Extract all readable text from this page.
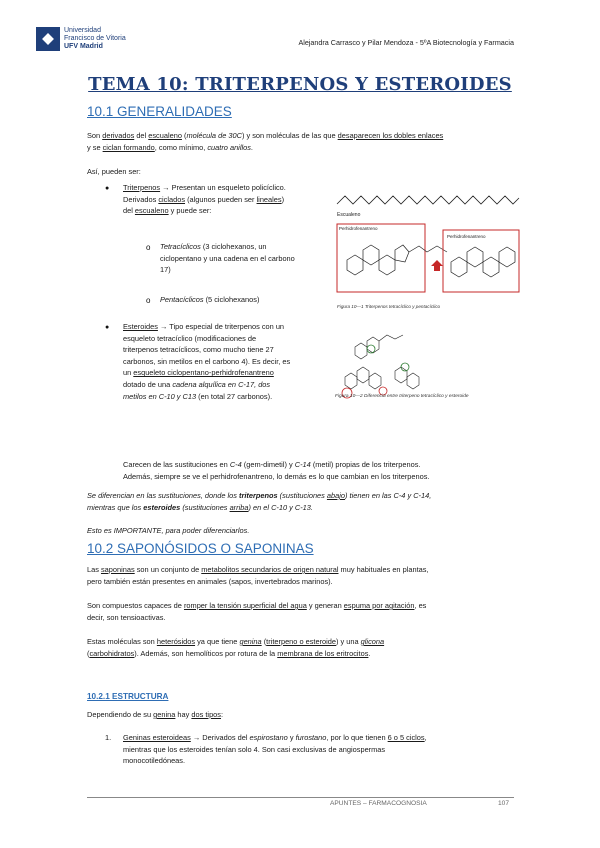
Universidad
Francisco de Vitoria
UFV Madrid	Alejandra Carrasco y Pilar Mendoza - 5ºA Biotecnología y Farmacia
TEMA 10: TRITERPENOS Y ESTEROIDES
10.1 GENERALIDADES
Son derivados del escualeno (molécula de 30C) y son moléculas de las que desaparecen los dobles enlaces
y se ciclan formando, como mínimo, cuatro anillos.
Así, pueden ser:
● Triterpenos → Presentan un esqueleto policíclico.
Derivados ciclados (algunos pueden ser lineales)
del escualeno y puede ser:
o Tetracíclicos (3 ciclohexanos, un
ciclopentano y una cadena en el carbono
17)
o Pentacíclicos (5 ciclohexanos)
● Esteroides → Tipo especial de triterpenos con un
esqueleto tetracíclico (modificaciones de
triterpenos tetracíclicos, como mucho tiene 27
carbonos, sin metilos en el carbono 4). Es decir, es
un esqueleto ciclopentano-perhidrofenantreno
dotado de una cadena alquílica en C-17, dos
metilos en C-10 y C13 (en total 27 carbonos).
Escualeno
Perhidrofenantreno
Perhidrofenantreno
Figura 10—1 Triterpenos tetracíclico y pentacíclico
Figura 10—2 Diferencia entre triterpeno tetracíclico y esteroide
Carecen de las sustituciones en C-4 (gem-dimetil) y C-14 (metil) propias de los triterpenos.
Además, siempre se ve el perhidrofenantreno, lo demás es lo que cambian en los triterpenos.
Se diferencian en las sustituciones, donde los triterpenos (sustituciones abajo) tienen en las C-4 y C-14,
mientras que los esteroides (sustituciones arriba) en el C-10 y C-13.
Esto es IMPORTANTE, para poder diferenciarlos.
10.2 SAPONÓSIDOS O SAPONINAS
Las saponinas son un conjunto de metabolitos secundarios de origen natural muy habituales en plantas,
pero también están presentes en animales (sapos, invertebrados marinos).
Son compuestos capaces de romper la tensión superficial del agua y generan espuma por agitación, es
decir, son tensioactivas.
Estas moléculas son heterósidos ya que tiene genina (triterpeno o esteroide) y una glicona
(carbohidratos). Además, son hemolíticos por rotura de la membrana de los eritrocitos.
10.2.1 ESTRUCTURA
Dependiendo de su genina hay dos tipos:
1. Geninas esteroideas → Derivados del espirostano y furostano, por lo que tienen 6 o 5 ciclos,
mientras que los esteroides tenían solo 4. Son casi exclusivas de angiospermas
monocotiledóneas.
APUNTES – FARMACOGNOSIA	107
